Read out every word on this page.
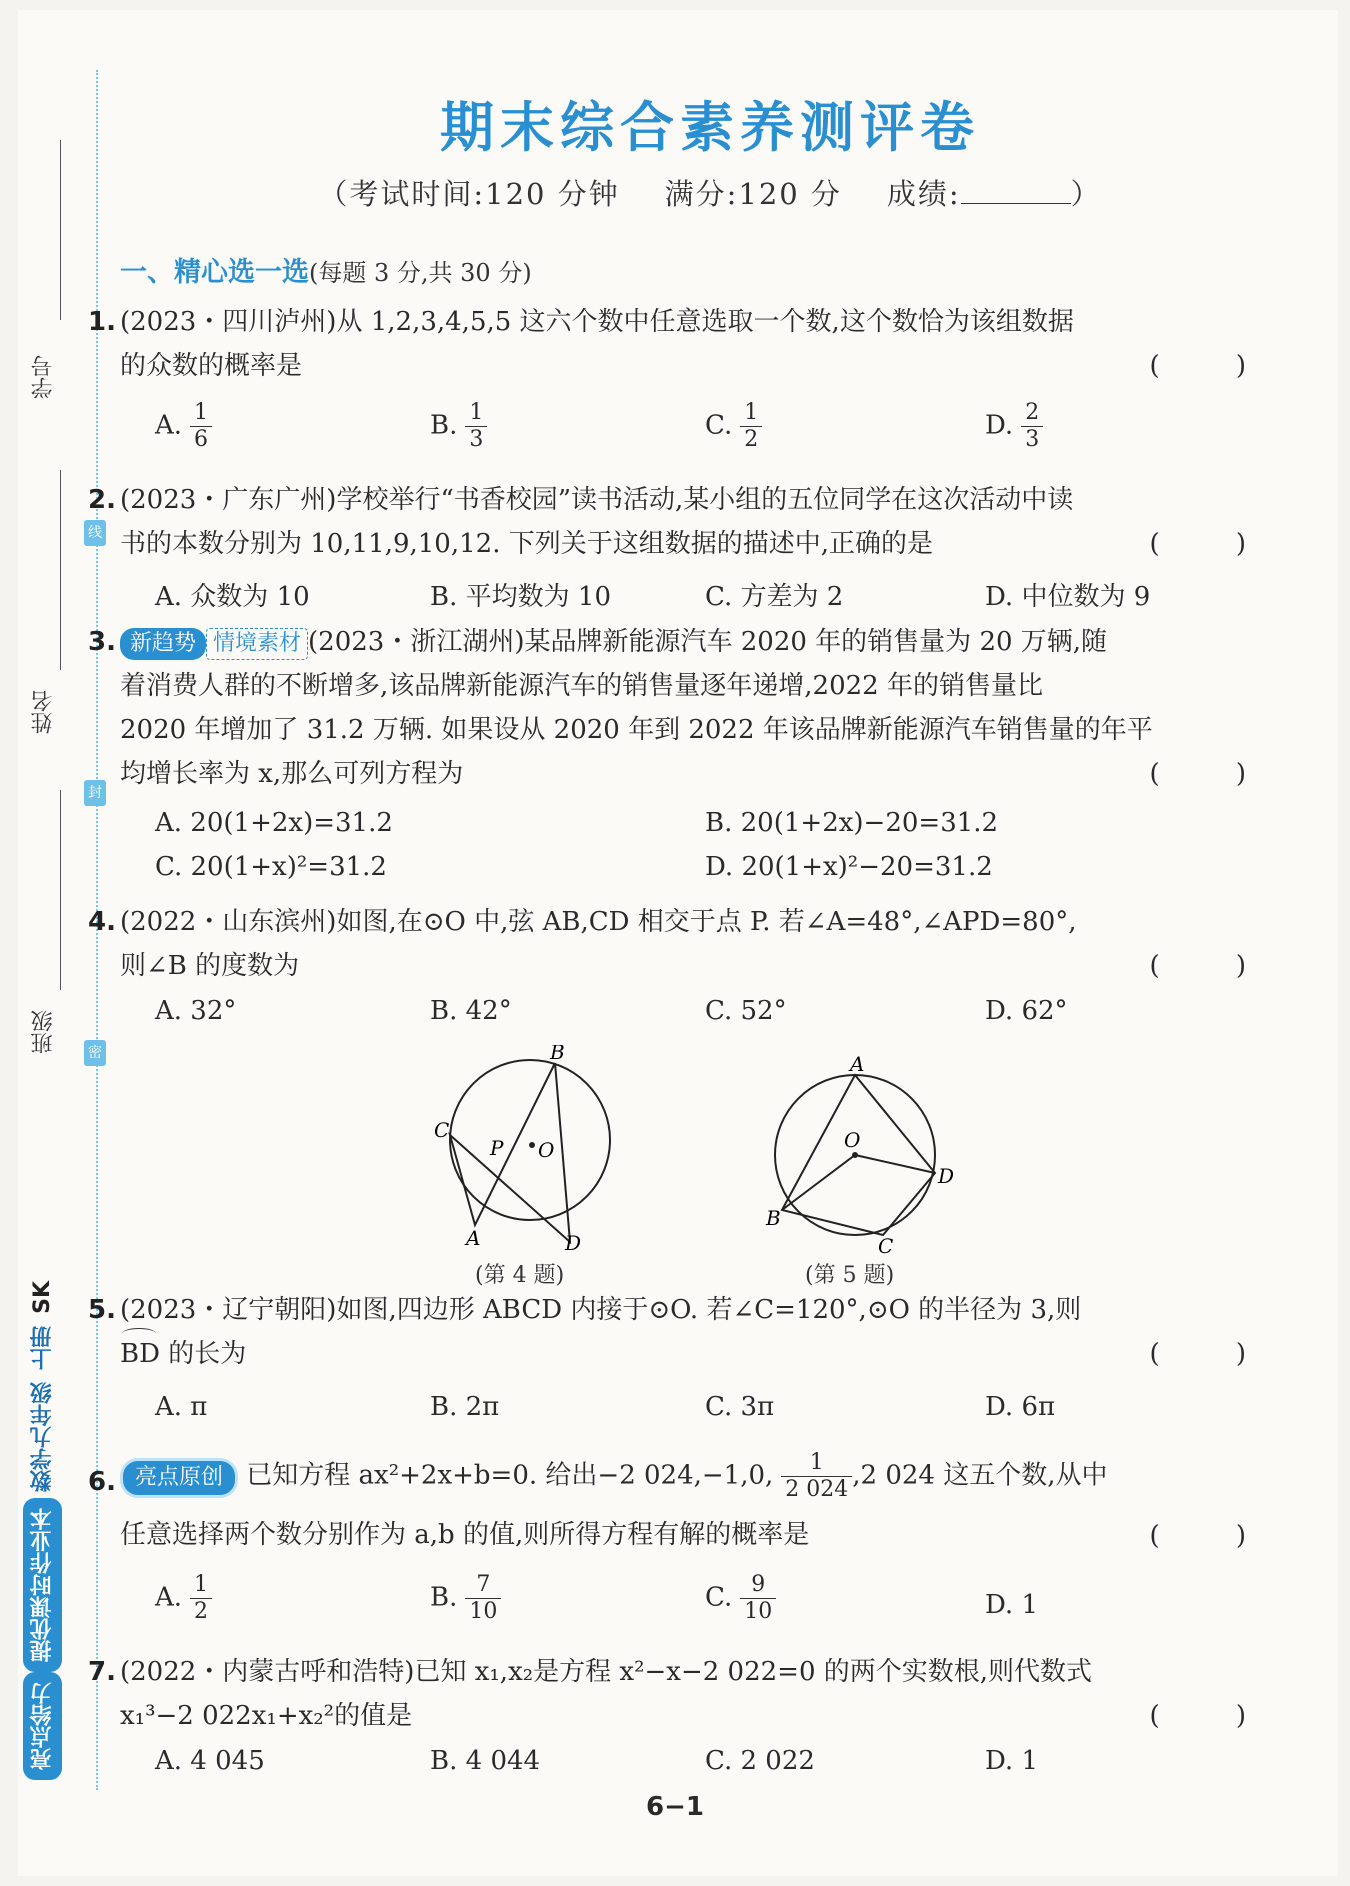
线
封
密
学号
姓名
班级
亮点给力
提优课时作业本
数学九年级
上册
SK
期末综合素养测评卷
（考试时间:120 分钟 满分:120 分 成绩:	）
一、精心选一选(每题 3 分,共 30 分)
1. (2023・四川泸州)从 1,2,3,4,5,5 这六个数中任意选取一个数,这个数恰为该组数据
的众数的概率是	( )
A. $\frac{1}{6}$	B. $\frac{1}{3}$	C. $\frac{1}{2}$	D. $\frac{2}{3}$
2. (2023・广东广州)学校举行“书香校园”读书活动,某小组的五位同学在这次活动中读
书的本数分别为 10,11,9,10,12. 下列关于这组数据的描述中,正确的是	( )
A. 众数为 10	B. 平均数为 10	C. 方差为 2	D. 中位数为 9
3. 新趋势 情境素材 (2023・浙江湖州)某品牌新能源汽车 2020 年的销售量为 20 万辆,随
着消费人群的不断增多,该品牌新能源汽车的销售量逐年递增,2022 年的销售量比
2020 年增加了 31.2 万辆. 如果设从 2020 年到 2022 年该品牌新能源汽车销售量的年平
均增长率为 x,那么可列方程为	( )
A. 20(1+2x)=31.2	B. 20(1+2x)−20=31.2
C. 20(1+x)²=31.2	D. 20(1+x)²−20=31.2
4. (2022・山东滨州)如图,在⊙O 中,弦 AB,CD 相交于点 P. 若∠A=48°,∠APD=80°,
则∠B 的度数为	( )
A. 32°	B. 42°	C. 52°	D. 62°
B
C
P O
A	D
(第 4 题)
A
O
D
B
C
(第 5 题)
5. (2023・辽宁朝阳)如图,四边形 ABCD 内接于⊙O. 若∠C=120°,⊙O 的半径为 3,则
BD 的长为	( )
A. π	B. 2π	C. 3π	D. 6π
6. 亮点原创 已知方程 ax²+2x+b=0. 给出−2 024,−1,0, $\frac{1}{2 024} ,2$ 024 这五个数,从中
任意选择两个数分别作为 a,b 的值,则所得方程有解的概率是	( )
A. $\frac{1}{2}$	B. $\frac{7}{10}$	C. $\frac{9}{10}$	D. 1
7. (2022・内蒙古呼和浩特)已知 x₁,x₂是方程 x²−x−2 022=0 的两个实数根,则代数式
x₁³−2 022x₁+x₂²的值是	( )
A. 4 045	B. 4 044	C. 2 022	D. 1
6−1
